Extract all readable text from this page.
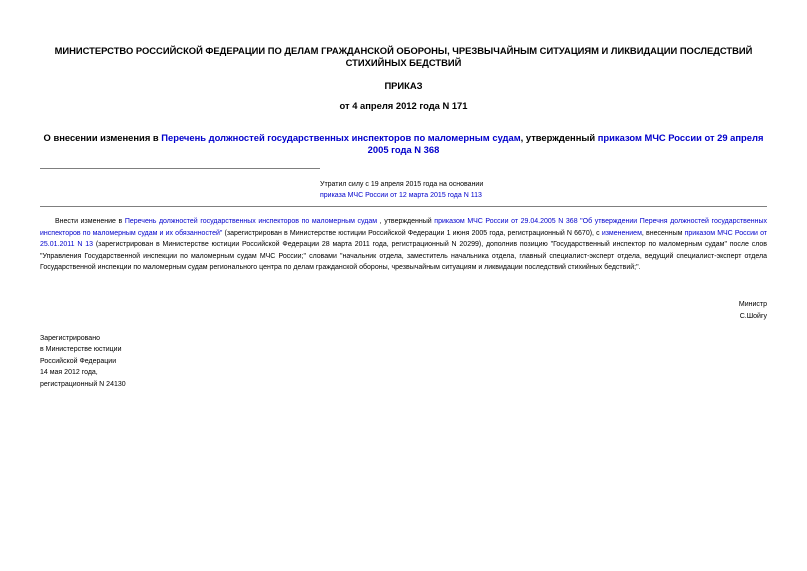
МИНИСТЕРСТВО РОССИЙСКОЙ ФЕДЕРАЦИИ ПО ДЕЛАМ ГРАЖДАНСКОЙ ОБОРОНЫ, ЧРЕЗВЫЧАЙНЫМ СИТУАЦИЯМ И ЛИКВИДАЦИИ ПОСЛЕДСТВИЙ СТИХИЙНЫХ БЕДСТВИЙ
ПРИКАЗ
от 4 апреля 2012 года N 171
О внесении изменения в Перечень должностей государственных инспекторов по маломерным судам, утвержденный приказом МЧС России от 29 апреля 2005 года N 368
Утратил силу с 19 апреля 2015 года на основании
приказа МЧС России от 12 марта 2015 года N 113
Внести изменение в Перечень должностей государственных инспекторов по маломерным судам , утвержденный приказом МЧС России от 29.04.2005 N 368 "Об утверждении Перечня должностей государственных инспекторов по маломерным судам и их обязанностей" (зарегистрирован в Министерстве юстиции Российской Федерации 1 июня 2005 года, регистрационный N 6670), с изменением, внесенным приказом МЧС России от 25.01.2011 N 13 (зарегистрирован в Министерстве юстиции Российской Федерации 28 марта 2011 года, регистрационный N 20299), дополнив позицию "Государственный инспектор по маломерным судам" после слов "Управления Государственной инспекции по маломерным судам МЧС России;" словами "начальник отдела, заместитель начальника отдела, главный специалист-эксперт отдела, ведущий специалист-эксперт отдела Государственной инспекции по маломерным судам регионального центра по делам гражданской обороны, чрезвычайным ситуациям и ликвидации последствий стихийных бедствий;".
Министр
С.Шойгу
Зарегистрировано
в Министерстве юстиции
Российской Федерации
14 мая 2012 года,
регистрационный N 24130
